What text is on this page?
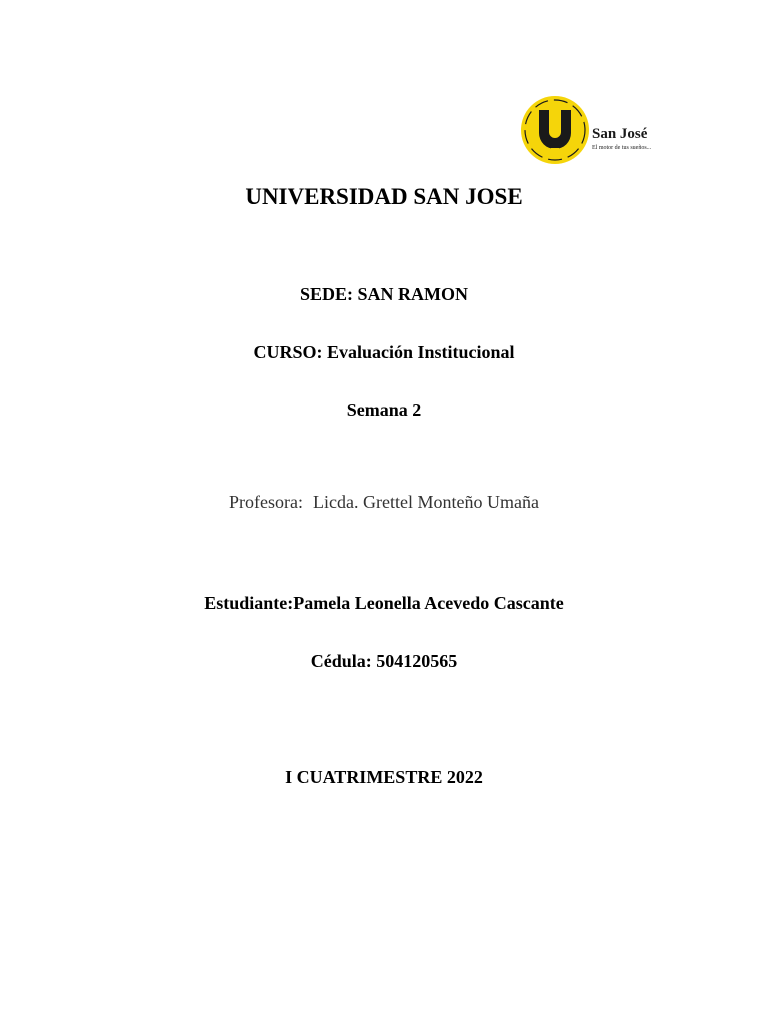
San José
El motor de tus sueños...
UNIVERSIDAD SAN JOSE
SEDE: SAN RAMON
CURSO: Evaluación Institucional
Semana 2
Profesora: Licda. Grettel Monteño Umaña
Estudiante:Pamela Leonella Acevedo Cascante
Cédula: 504120565
I CUATRIMESTRE 2022
